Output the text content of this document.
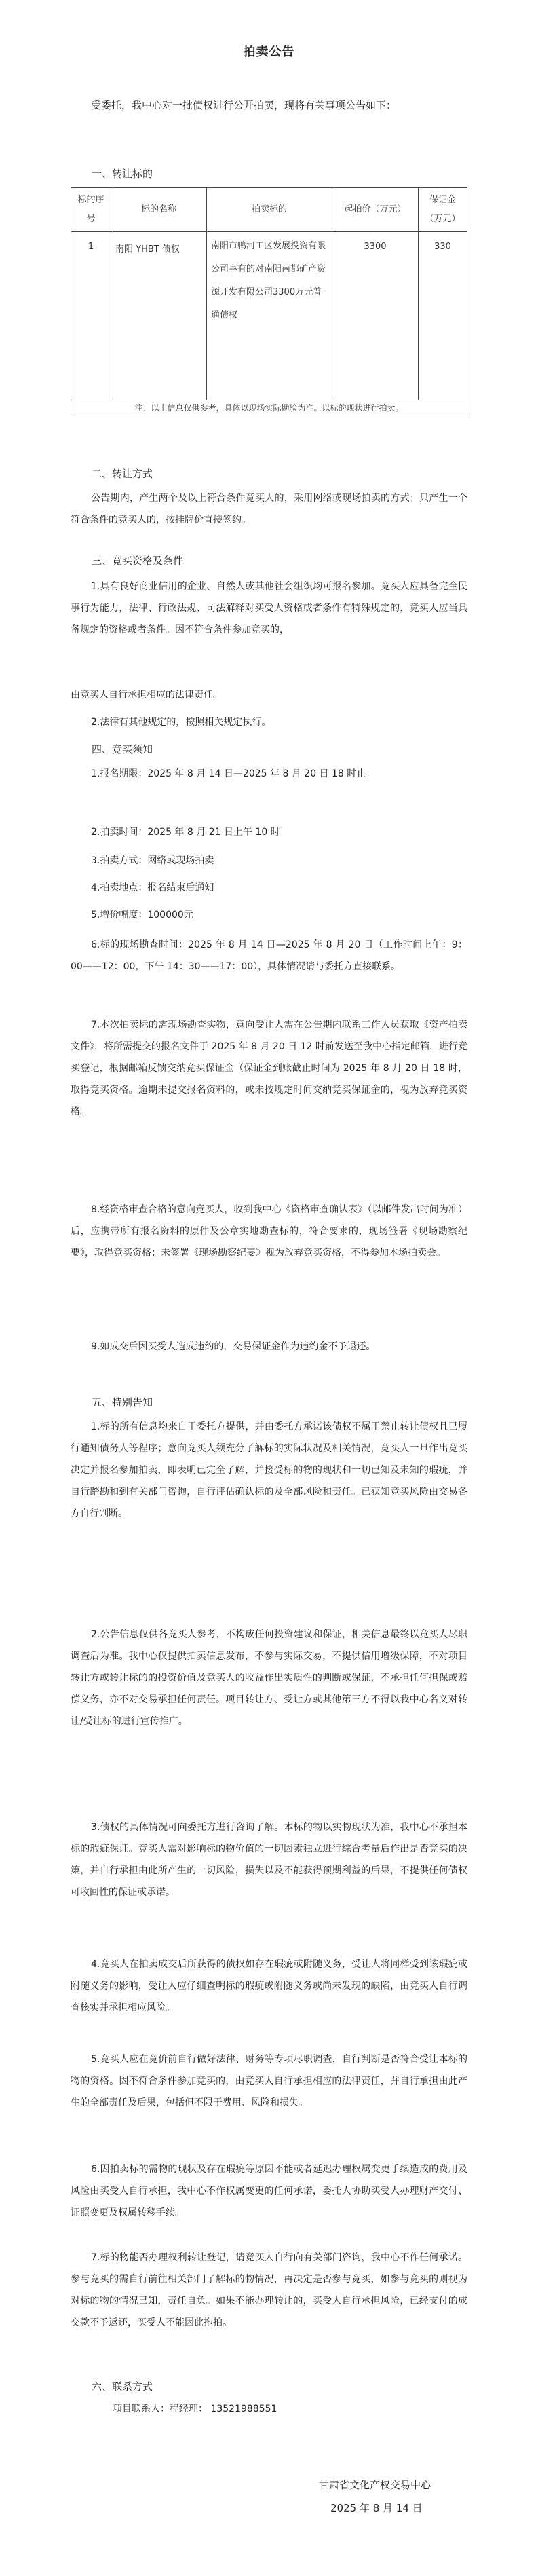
拍卖公告
受委托，我中心对一批债权进行公开拍卖，现将有关事项公告如下：
一、转让标的
标的序号	标的名称	拍卖标的	起拍价（万元）	保证金（万元）
1	南阳 YHBT 债权	南阳市鸭河工区发展投资有限公司享有的对南阳南都矿产资源开发有限公司3300万元普通债权	3300	330
注：以上信息仅供参考，具体以现场实际勘验为准。以标的现状进行拍卖。				
二、转让方式
公告期内，产生两个及以上符合条件竞买人的，采用网络或现场拍卖的方式；只产生一个符合条件的竞买人的，按挂牌价直接签约。
三、竞买资格及条件
1.具有良好商业信用的企业、自然人或其他社会组织均可报名参加。竞买人应具备完全民事行为能力，法律、行政法规、司法解释对买受人资格或者条件有特殊规定的，竞买人应当具备规定的资格或者条件。因不符合条件参加竞买的，
由竞买人自行承担相应的法律责任。
2.法律有其他规定的，按照相关规定执行。
四、竞买须知
1.报名期限：2025 年 8 月 14 日—2025 年 8 月 20 日 18 时止
2.拍卖时间：2025 年 8 月 21 日上午 10 时
3.拍卖方式：网络或现场拍卖
4.拍卖地点：报名结束后通知
5.增价幅度：100000元
6.标的现场勘查时间：2025 年 8 月 14 日—2025 年 8 月 20 日（工作时间上午：9：00——12：00，下午 14：30——17：00），具体情况请与委托方直接联系。
7.本次拍卖标的需现场勘查实物，意向受让人需在公告期内联系工作人员获取《资产拍卖文件》，将所需提交的报名文件于 2025 年 8 月 20 日 12 时前发送至我中心指定邮箱，进行竞买登记，根据邮箱反馈交纳竞买保证金（保证金到账截止时间为 2025 年 8 月 20 日 18 时，取得竞买资格。逾期未提交报名资料的，或未按规定时间交纳竞买保证金的，视为放弃竞买资格。
8.经资格审查合格的意向竞买人，收到我中心《资格审查确认表》（以邮件发出时间为准）后，应携带所有报名资料的原件及公章实地勘查标的，符合要求的，现场签署《现场勘察纪要》，取得竞买资格；未签署《现场勘察纪要》视为放弃竞买资格，不得参加本场拍卖会。
9.如成交后因买受人造成违约的，交易保证金作为违约金不予退还。
五、特别告知
1.标的所有信息均来自于委托方提供，并由委托方承诺该债权不属于禁止转让债权且已履行通知债务人等程序；意向竞买人须充分了解标的实际状况及相关情况，竞买人一旦作出竞买决定并报名参加拍卖，即表明已完全了解，并接受标的物的现状和一切已知及未知的瑕疵，并自行踏勘和到有关部门咨询，自行评估确认标的及全部风险和责任。已获知竞买风险由交易各方自行判断。
2.公告信息仅供各竞买人参考，不构成任何投资建议和保证，相关信息最终以竞买人尽职调查后为准。我中心仅提供拍卖信息发布，不参与实际交易，不提供信用增级保障，不对项目转让方或转让标的的投资价值及竞买人的收益作出实质性的判断或保证，不承担任何担保或赔偿义务，亦不对交易承担任何责任。项目转让方、受让方或其他第三方不得以我中心名义对转让/受让标的进行宣传推广。
3.债权的具体情况可向委托方进行咨询了解。本标的物以实物现状为准，我中心不承担本标的瑕疵保证。竞买人需对影响标的物价值的一切因素独立进行综合考量后作出是否竞买的决策，并自行承担由此所产生的一切风险，损失以及不能获得预期利益的后果，不提供任何债权可收回性的保证或承诺。
4.竞买人在拍卖成交后所获得的债权如存在瑕疵或附随义务，受让人将同样受到该瑕疵或附随义务的影响，受让人应仔细查明标的瑕疵或附随义务或尚未发现的缺陷，由竞买人自行调查核实并承担相应风险。
5.竞买人应在竞价前自行做好法律、财务等专项尽职调查，自行判断是否符合受让本标的物的资格。因不符合条件参加竞买的，由竞买人自行承担相应的法律责任，并自行承担由此产生的全部责任及后果，包括但不限于费用、风险和损失。
6.因拍卖标的需物的现状及存在瑕疵等原因不能或者延迟办理权属变更手续造成的费用及风险由买受人自行承担，我中心不作权属变更的任何承诺，委托人协助买受人办理财产交付、证照变更及权属转移手续。
7.标的物能否办理权利转让登记，请竞买人自行向有关部门咨询，我中心不作任何承诺。参与竞买的需自行前往相关部门了解标的物情况，再决定是否参与竞买，如参与竞买的则视为对标的物的情况已知，责任自负。如果不能办理转让的，买受人自行承担风险，已经支付的成交款不予返还，买受人不能因此拖拍。
六、联系方式
项目联系人：程经理： 13521988551
甘肃省文化产权交易中心
2025 年 8 月 14 日
